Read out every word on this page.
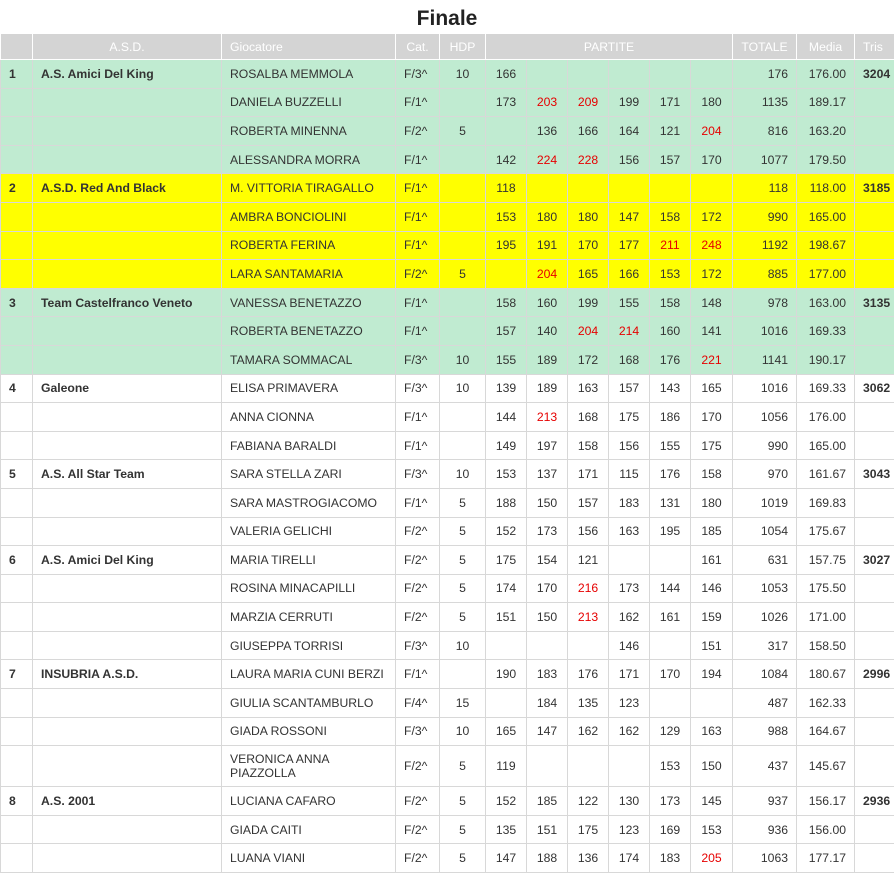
Finale
	A.S.D.	Giocatore	Cat.	HDP	PARTITE						TOTALE	Media	Tris
1	A.S. Amici Del King	ROSALBA MEMMOLA	F/3^	10	166						176	176.00	3204
		DANIELA BUZZELLI	F/1^		173	203	209	199	171	180	1135	189.17	
		ROBERTA MINENNA	F/2^	5		136	166	164	121	204	816	163.20	
		ALESSANDRA MORRA	F/1^		142	224	228	156	157	170	1077	179.50	
2	A.S.D. Red And Black	M. VITTORIA TIRAGALLO	F/1^		118						118	118.00	3185
		AMBRA BONCIOLINI	F/1^		153	180	180	147	158	172	990	165.00	
		ROBERTA FERINA	F/1^		195	191	170	177	211	248	1192	198.67	
		LARA SANTAMARIA	F/2^	5		204	165	166	153	172	885	177.00	
3	Team Castelfranco Veneto	VANESSA BENETAZZO	F/1^		158	160	199	155	158	148	978	163.00	3135
		ROBERTA BENETAZZO	F/1^		157	140	204	214	160	141	1016	169.33	
		TAMARA SOMMACAL	F/3^	10	155	189	172	168	176	221	1141	190.17	
4	Galeone	ELISA PRIMAVERA	F/3^	10	139	189	163	157	143	165	1016	169.33	3062
		ANNA CIONNA	F/1^		144	213	168	175	186	170	1056	176.00	
		FABIANA BARALDI	F/1^		149	197	158	156	155	175	990	165.00	
5	A.S. All Star Team	SARA STELLA ZARI	F/3^	10	153	137	171	115	176	158	970	161.67	3043
		SARA MASTROGIACOMO	F/1^	5	188	150	157	183	131	180	1019	169.83	
		VALERIA GELICHI	F/2^	5	152	173	156	163	195	185	1054	175.67	
6	A.S. Amici Del King	MARIA TIRELLI	F/2^	5	175	154	121			161	631	157.75	3027
		ROSINA MINACAPILLI	F/2^	5	174	170	216	173	144	146	1053	175.50	
		MARZIA CERRUTI	F/2^	5	151	150	213	162	161	159	1026	171.00	
		GIUSEPPA TORRISI	F/3^	10				146		151	317	158.50	
7	INSUBRIA A.S.D.	LAURA MARIA CUNI BERZI	F/1^		190	183	176	171	170	194	1084	180.67	2996
		GIULIA SCANTAMBURLO	F/4^	15		184	135	123			487	162.33	
		GIADA ROSSONI	F/3^	10	165	147	162	162	129	163	988	164.67	

		VERONICA ANNA PIAZZOLLA	F/2^	5	119				153	150	437	145.67	
8	A.S. 2001	LUCIANA CAFARO	F/2^	5	152	185	122	130	173	145	937	156.17	2936
		GIADA CAITI	F/2^	5	135	151	175	123	169	153	936	156.00	
		LUANA VIANI	F/2^	5	147	188	136	174	183	205	1063	177.17	
